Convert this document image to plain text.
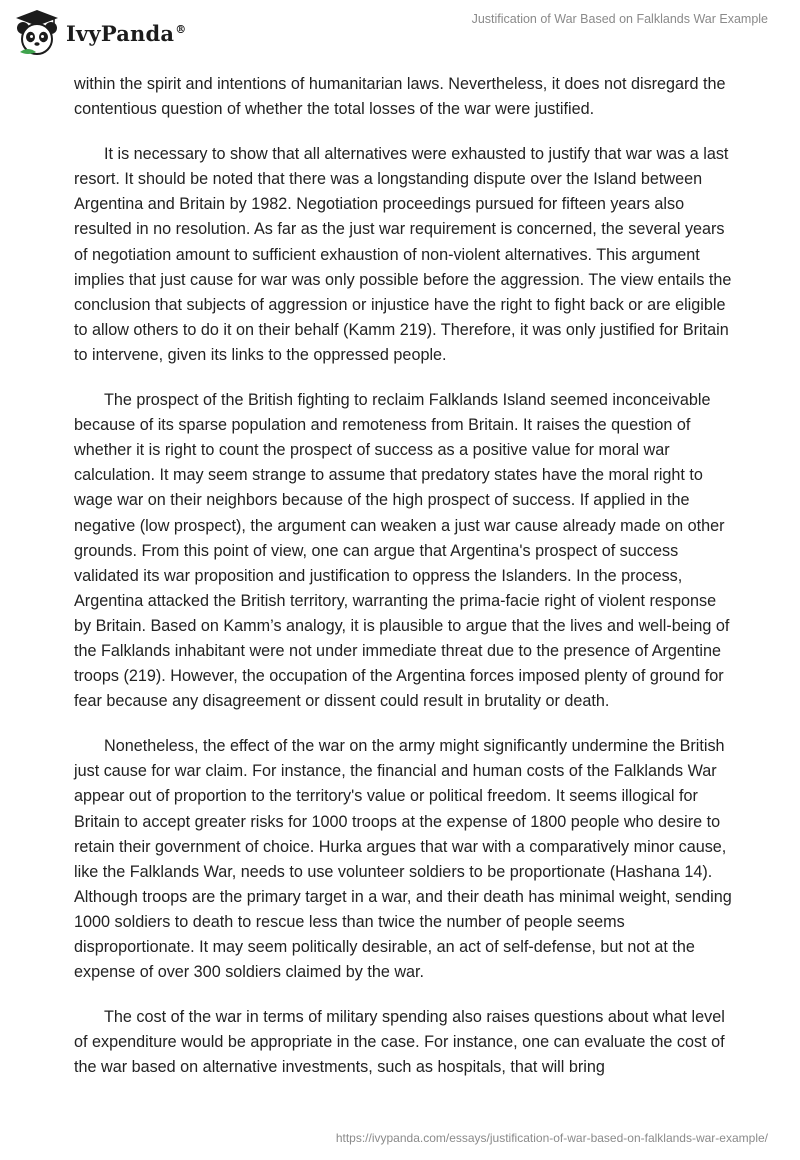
IvyPanda®
Justification of War Based on Falklands War Example

within the spirit and intentions of humanitarian laws. Nevertheless, it does not disregard the contentious question of whether the total losses of the war were justified.

It is necessary to show that all alternatives were exhausted to justify that war was a last resort. It should be noted that there was a longstanding dispute over the Island between Argentina and Britain by 1982. Negotiation proceedings pursued for fifteen years also resulted in no resolution. As far as the just war requirement is concerned, the several years of negotiation amount to sufficient exhaustion of non-violent alternatives. This argument implies that just cause for war was only possible before the aggression. The view entails the conclusion that subjects of aggression or injustice have the right to fight back or are eligible to allow others to do it on their behalf (Kamm 219). Therefore, it was only justified for Britain to intervene, given its links to the oppressed people.

The prospect of the British fighting to reclaim Falklands Island seemed inconceivable because of its sparse population and remoteness from Britain. It raises the question of whether it is right to count the prospect of success as a positive value for moral war calculation. It may seem strange to assume that predatory states have the moral right to wage war on their neighbors because of the high prospect of success. If applied in the negative (low prospect), the argument can weaken a just war cause already made on other grounds. From this point of view, one can argue that Argentina's prospect of success validated its war proposition and justification to oppress the Islanders. In the process, Argentina attacked the British territory, warranting the prima-facie right of violent response by Britain. Based on Kamm’s analogy, it is plausible to argue that the lives and well-being of the Falklands inhabitant were not under immediate threat due to the presence of Argentine troops (219). However, the occupation of the Argentina forces imposed plenty of ground for fear because any disagreement or dissent could result in brutality or death.

Nonetheless, the effect of the war on the army might significantly undermine the British just cause for war claim. For instance, the financial and human costs of the Falklands War appear out of proportion to the territory's value or political freedom. It seems illogical for Britain to accept greater risks for 1000 troops at the expense of 1800 people who desire to retain their government of choice. Hurka argues that war with a comparatively minor cause, like the Falklands War, needs to use volunteer soldiers to be proportionate (Hashana 14). Although troops are the primary target in a war, and their death has minimal weight, sending 1000 soldiers to death to rescue less than twice the number of people seems disproportionate. It may seem politically desirable, an act of self-defense, but not at the expense of over 300 soldiers claimed by the war.

The cost of the war in terms of military spending also raises questions about what level of expenditure would be appropriate in the case. For instance, one can evaluate the cost of the war based on alternative investments, such as hospitals, that will bring

https://ivypanda.com/essays/justification-of-war-based-on-falklands-war-example/
